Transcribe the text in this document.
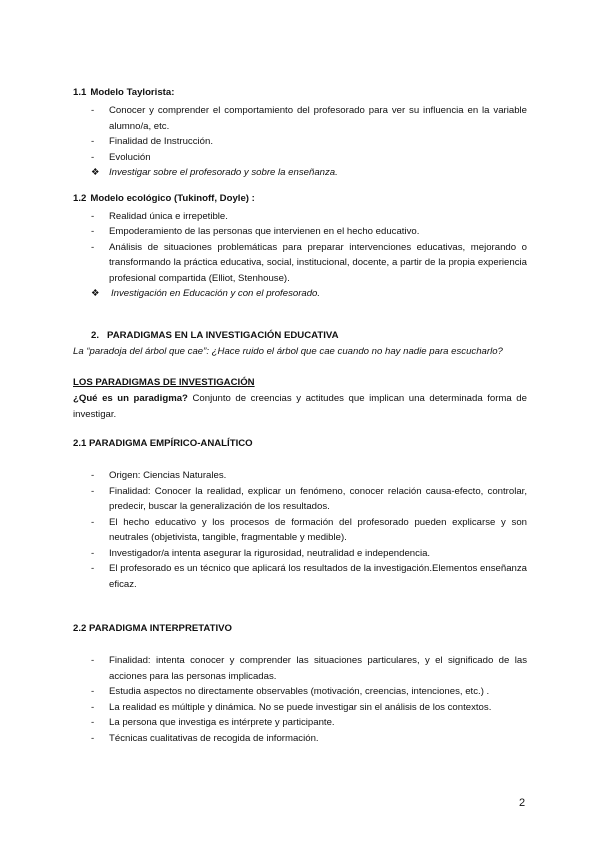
1.1 Modelo Taylorista:
-	Conocer y comprender el comportamiento del profesorado para ver su influencia en la variable alumno/a, etc.
-	Finalidad de Instrucción.
-	Evolución
❖ Investigar sobre el profesorado y sobre la enseñanza.
1.2 Modelo ecológico (Tukinoff, Doyle) :
-	Realidad única e irrepetible.
-	Empoderamiento de las personas que intervienen en el hecho educativo.
-	Análisis de situaciones problemáticas para preparar intervenciones educativas, mejorando o transformando la práctica educativa, social, institucional, docente, a partir de la propia experiencia profesional compartida (Elliot, Stenhouse).
❖	Investigación en Educación y con el profesorado.
2. PARADIGMAS EN LA INVESTIGACIÓN EDUCATIVA
La “paradoja del árbol que cae”: ¿Hace ruido el árbol que cae cuando no hay nadie para escucharlo?
LOS PARADIGMAS DE INVESTIGACIÓN
¿Qué es un paradigma? Conjunto de creencias y actitudes que implican una determinada forma de investigar.
2.1 PARADIGMA EMPÍRICO-ANALÍTICO
-	Origen: Ciencias Naturales.
-	Finalidad: Conocer la realidad, explicar un fenómeno, conocer relación causa-efecto, controlar, predecir, buscar la generalización de los resultados.
-	El hecho educativo y los procesos de formación del profesorado pueden explicarse y son neutrales (objetivista, tangible, fragmentable y medible).
-	Investigador/a intenta asegurar la rigurosidad, neutralidad e independencia.
-	El profesorado es un técnico que aplicará los resultados de la investigación.Elementos enseñanza eficaz.
2.2 PARADIGMA INTERPRETATIVO
-	Finalidad: intenta conocer y comprender las situaciones particulares, y el significado de las acciones para las personas implicadas.
-	Estudia aspectos no directamente observables (motivación, creencias, intenciones, etc.) .
-	La realidad es múltiple y dinámica. No se puede investigar sin el análisis de los contextos.
-	La persona que investiga es intérprete y participante.
-	Técnicas cualitativas de recogida de información.
2
